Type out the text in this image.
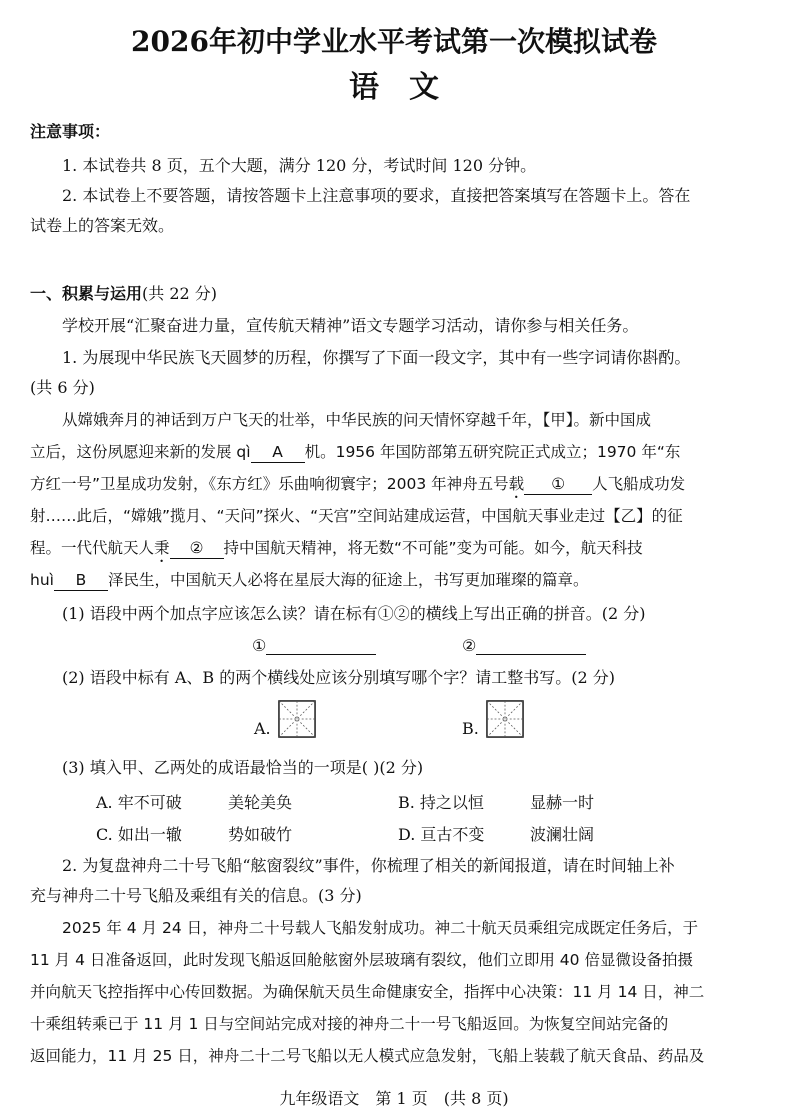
2026年初中学业水平考试第一次模拟试卷
语文
注意事项：
1. 本试卷共 8 页，五个大题，满分 120 分，考试时间 120 分钟。
2. 本试卷上不要答题，请按答题卡上注意事项的要求，直接把答案填写在答题卡上。答在
试卷上的答案无效。
一、积累与运用(共 22 分)
学校开展“汇聚奋进力量，宣传航天精神”语文专题学习活动，请你参与相关任务。
1. 为展现中华民族飞天圆梦的历程，你撰写了下面一段文字，其中有一些字词请你斟酌。
(共 6 分)
从嫦娥奔月的神话到万户飞天的壮举，中华民族的问天情怀穿越千年，【甲】。新中国成
立后，这份夙愿迎来新的发展 qì A 机。1956 年国防部第五研究院正式成立；1970 年“东
方红一号”卫星成功发射，《东方红》乐曲响彻寰宇；2003 年神舟五号载 ① 人飞船成功发
射……此后，“嫦娥”揽月、“天问”探火、“天宫”空间站建成运营，中国航天事业走过【乙】的征
程。一代代航天人秉 ② 持中国航天精神，将无数“不可能”变为可能。如今，航天科技
huì B 泽民生，中国航天人必将在星辰大海的征途上，书写更加璀璨的篇章。
(1) 语段中两个加点字应该怎么读？请在标有①②的横线上写出正确的拼音。(2 分)
①	②
(2) 语段中标有 A、B 的两个横线处应该分别填写哪个字？请工整书写。(2 分)
A.	B.
(3) 填入甲、乙两处的成语最恰当的一项是( )(2 分)
A. 牢不可破	美轮美奂	B. 持之以恒	显赫一时
C. 如出一辙	势如破竹	D. 亘古不变	波澜壮阔
2. 为复盘神舟二十号飞船“舷窗裂纹”事件，你梳理了相关的新闻报道，请在时间轴上补
充与神舟二十号飞船及乘组有关的信息。(3 分)
2025 年 4 月 24 日，神舟二十号载人飞船发射成功。神二十航天员乘组完成既定任务后，于
11 月 4 日准备返回，此时发现飞船返回舱舷窗外层玻璃有裂纹，他们立即用 40 倍显微设备拍摄
并向航天飞控指挥中心传回数据。为确保航天员生命健康安全，指挥中心决策：11 月 14 日，神二
十乘组转乘已于 11 月 1 日与空间站完成对接的神舟二十一号飞船返回。为恢复空间站完备的
返回能力，11 月 25 日，神舟二十二号飞船以无人模式应急发射，飞船上装载了航天食品、药品及
九年级语文　第 1 页　(共 8 页)
